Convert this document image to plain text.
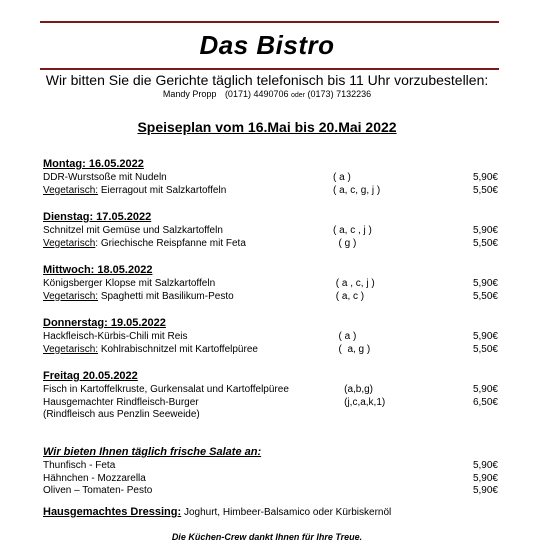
Das Bistro
Wir bitten Sie die Gerichte täglich telefonisch bis 11 Uhr vorzubestellen:
Mandy Propp (0171) 4490706 oder (0173) 7132236
Speiseplan vom 16.Mai bis 20.Mai 2022
Montag: 16.05.2022
DDR-Wurstsoße mit Nudeln	( a )	5,90€
Vegetarisch: Eierragout mit Salzkartoffeln	( a, c, g, j )	5,50€
Dienstag: 17.05.2022
Schnitzel mit Gemüse und Salzkartoffeln	( a, c , j )	5,90€
Vegetarisch: Griechische Reispfanne mit Feta	( g )	5,50€
Mittwoch: 18.05.2022
Königsberger Klopse mit Salzkartoffeln	( a , c, j )	5,90€
Vegetarisch: Spaghetti mit Basilikum-Pesto	( a, c )	5,50€
Donnerstag: 19.05.2022
Hackfleisch-Kürbis-Chili mit Reis	( a )	5,90€
Vegetarisch: Kohlrabischnitzel mit Kartoffelpüree	(  a, g )	5,50€
Freitag 20.05.2022
Fisch in Kartoffelkruste, Gurkensalat und Kartoffelpüree	(a,b,g)	5,90€
Hausgemachter Rindfleisch-Burger	(j,c,a,k,1)	6,50€
(Rindfleisch aus Penzlin Seeweide)
Wir bieten Ihnen täglich frische Salate an:
Thunfisch - Feta	5,90€
Hähnchen - Mozzarella	5,90€
Oliven – Tomaten- Pesto	5,90€
Hausgemachtes Dressing: Joghurt, Himbeer-Balsamico oder Kürbiskernöl
Die Küchen-Crew dankt Ihnen für Ihre Treue.
